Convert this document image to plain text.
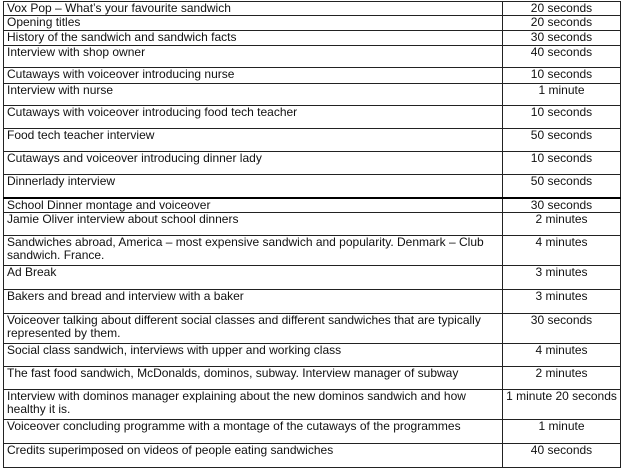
Vox Pop – What’s your favourite sandwich	20 seconds
Opening titles	20 seconds
History of the sandwich and sandwich facts	30 seconds
Interview with shop owner	40 seconds
Cutaways with voiceover introducing nurse	10 seconds
Interview with nurse	1 minute
Cutaways with voiceover introducing food tech teacher	10 seconds
Food tech teacher interview	50 seconds
Cutaways and voiceover introducing dinner lady	10 seconds
Dinnerlady interview	50 seconds
School Dinner montage and voiceover	30 seconds
Jamie Oliver interview about school dinners	2 minutes
Sandwiches abroad, America – most expensive sandwich and popularity. Denmark – Club sandwich. France.	4 minutes
Ad Break	3 minutes
Bakers and bread and interview with a baker	3 minutes
Voiceover talking about different social classes and different sandwiches that are typically represented by them.	30 seconds
Social class sandwich, interviews with upper and working class	4 minutes
The fast food sandwich, McDonalds, dominos, subway. Interview manager of subway	2 minutes
Interview with dominos manager explaining about the new dominos sandwich and how healthy it is.	1 minute 20 seconds
Voiceover concluding programme with a montage of the cutaways of the programmes	1 minute
Credits superimposed on videos of people eating sandwiches	40 seconds
